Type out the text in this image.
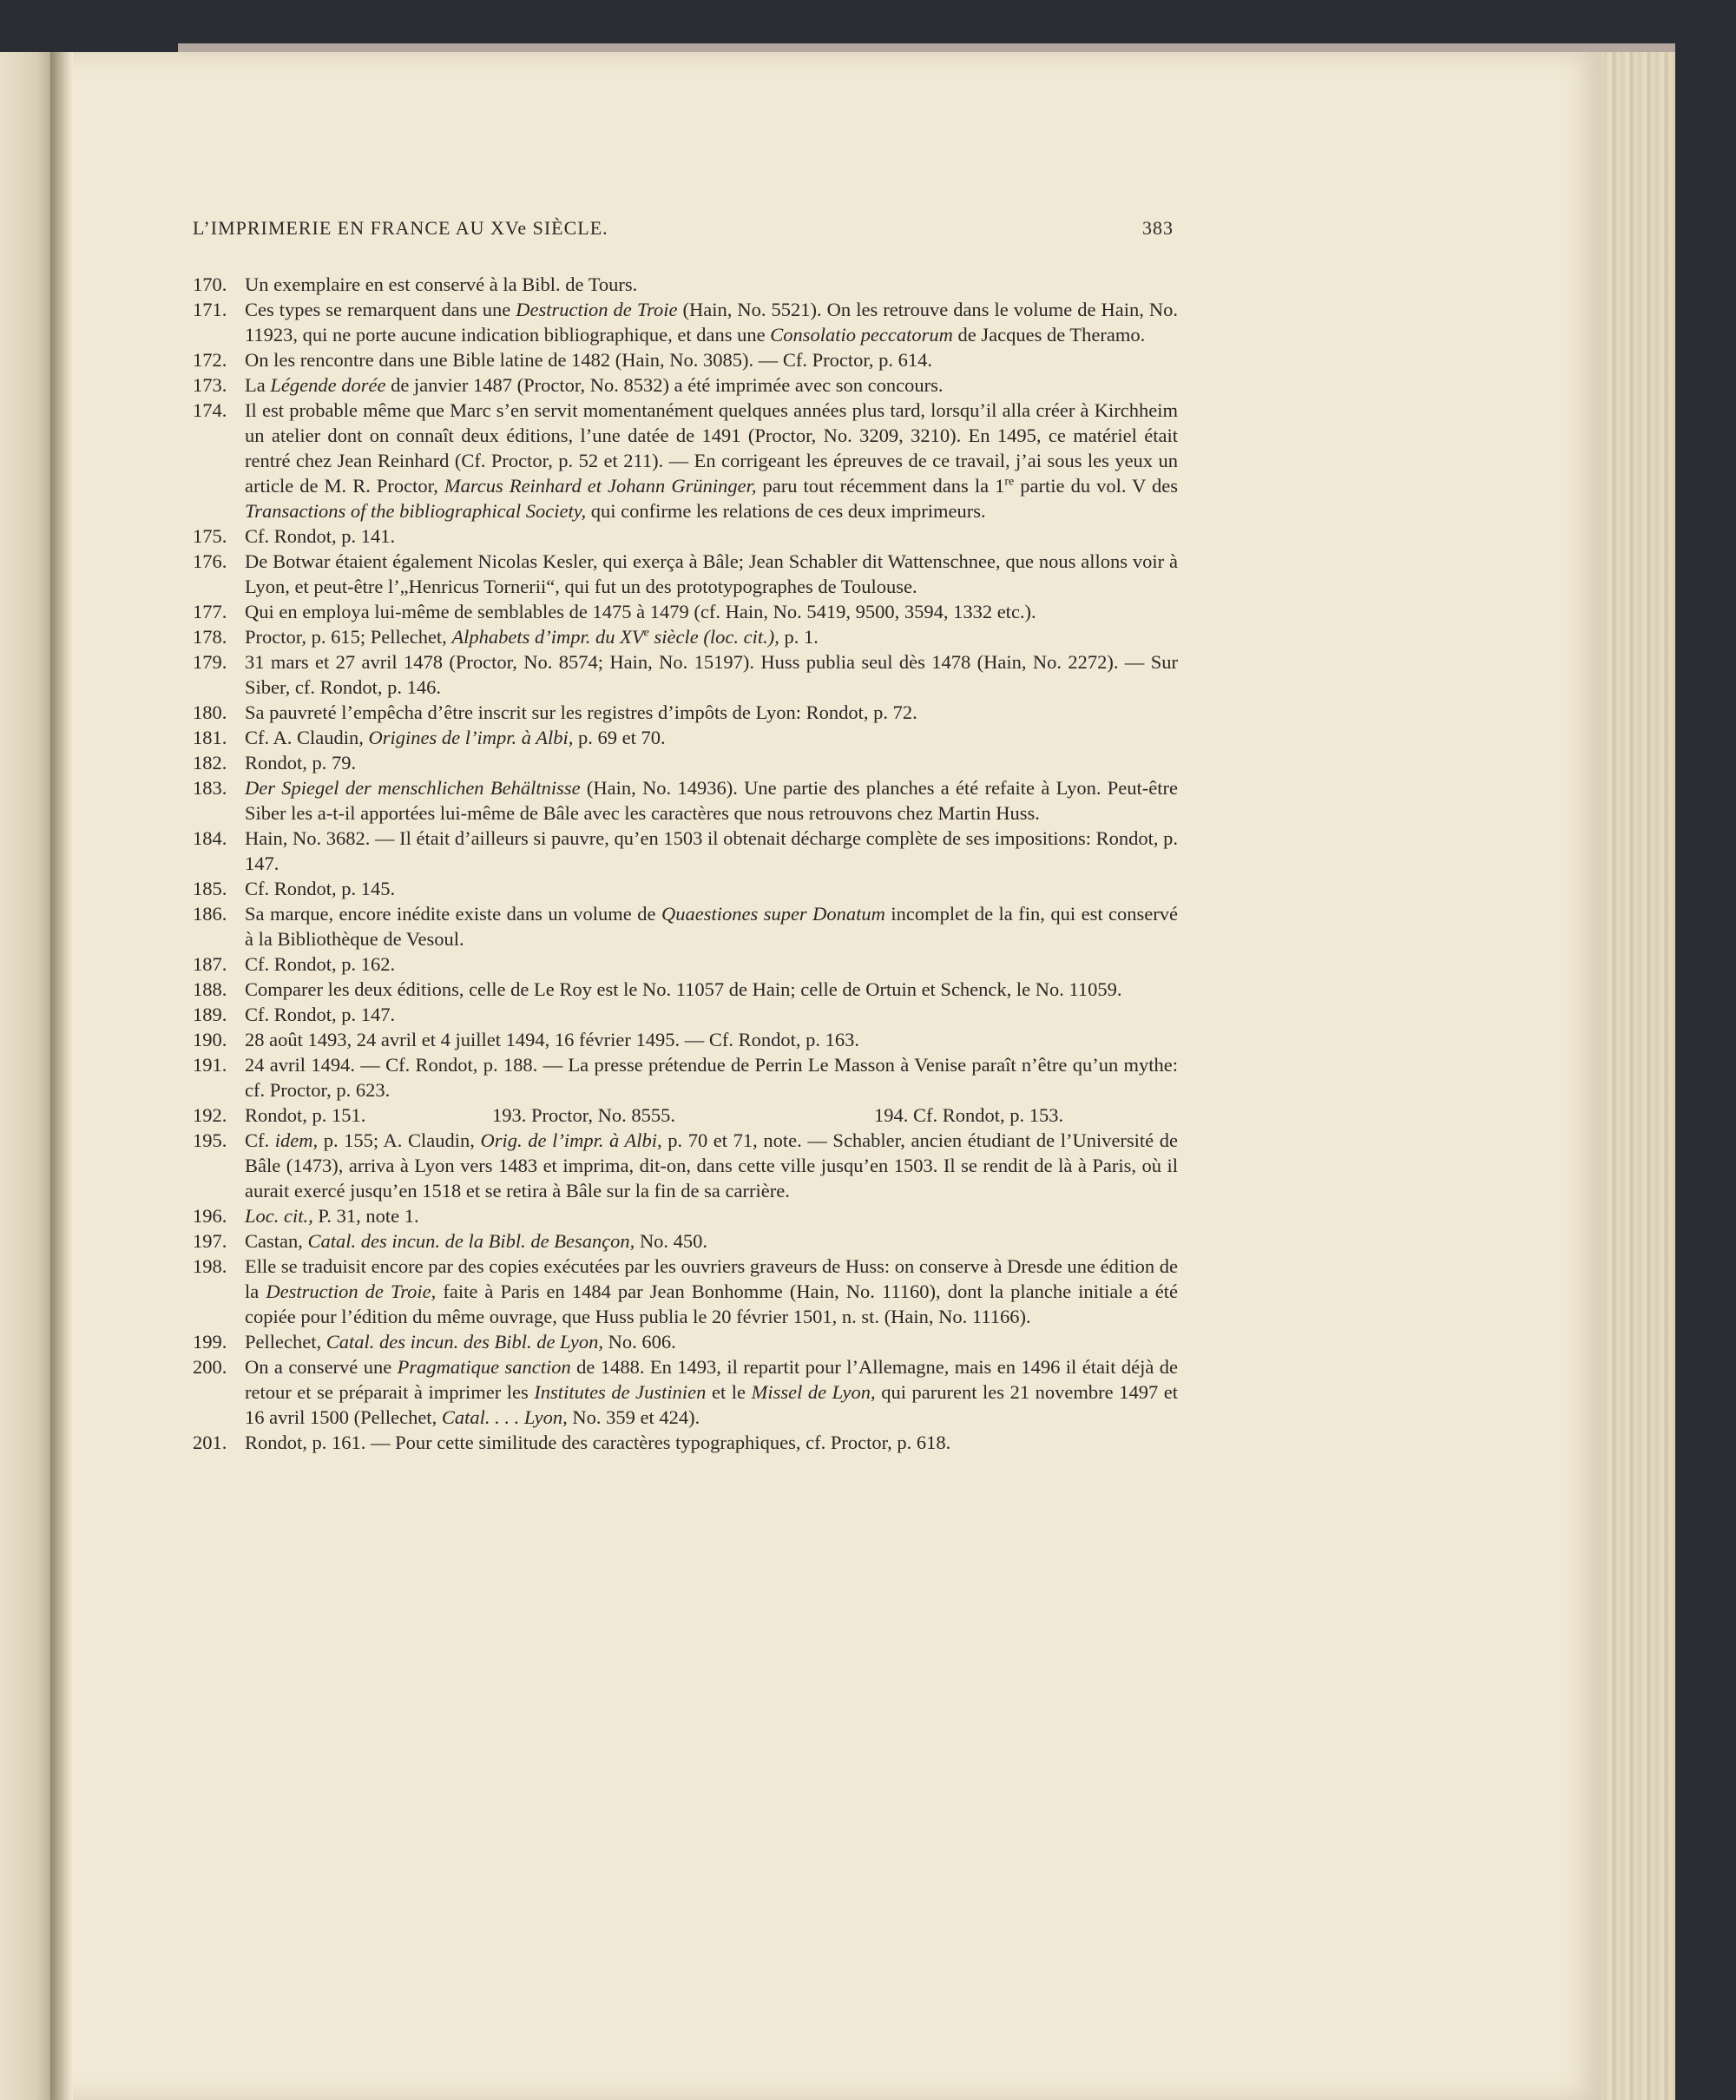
L’IMPRIMERIE EN FRANCE AU XVe SIÈCLE.	383

170. Un exemplaire en est conservé à la Bibl. de Tours.

171. Ces types se remarquent dans une Destruction de Troie (Hain, No. 5521). On les retrouve dans le volume de Hain, No. 11923, qui ne porte aucune indication bibliographique, et dans une Consolatio peccatorum de Jacques de Theramo.

172. On les rencontre dans une Bible latine de 1482 (Hain, No. 3085). — Cf. Proctor, p. 614.

173. La Légende dorée de janvier 1487 (Proctor, No. 8532) a été imprimée avec son concours.

174. Il est probable même que Marc s’en servit momentanément quelques années plus tard, lorsqu’il alla créer à Kirchheim un atelier dont on connaît deux éditions, l’une datée de 1491 (Proctor, No. 3209, 3210). En 1495, ce matériel était rentré chez Jean Reinhard (Cf. Proctor, p. 52 et 211). — En corrigeant les épreuves de ce travail, j’ai sous les yeux un article de M. R. Proctor, Marcus Reinhard et Johann Grüninger, paru tout récemment dans la 1re partie du vol. V des Transactions of the bibliographical Society, qui confirme les relations de ces deux imprimeurs.

175. Cf. Rondot, p. 141.

176. De Botwar étaient également Nicolas Kesler, qui exerça à Bâle; Jean Schabler dit Wattenschnee, que nous allons voir à Lyon, et peut-être l’„Henricus Tornerii“, qui fut un des prototypographes de Toulouse.

177. Qui en employa lui-même de semblables de 1475 à 1479 (cf. Hain, No. 5419, 9500, 3594, 1332 etc.).

178. Proctor, p. 615; Pellechet, Alphabets d’impr. du XVe siècle (loc. cit.), p. 1.

179. 31 mars et 27 avril 1478 (Proctor, No. 8574; Hain, No. 15197). Huss publia seul dès 1478 (Hain, No. 2272). — Sur Siber, cf. Rondot, p. 146.

180. Sa pauvreté l’empêcha d’être inscrit sur les registres d’impôts de Lyon: Rondot, p. 72.

181. Cf. A. Claudin, Origines de l’impr. à Albi, p. 69 et 70.

182. Rondot, p. 79.

183. Der Spiegel der menschlichen Behältnisse (Hain, No. 14936). Une partie des planches a été refaite à Lyon. Peut-être Siber les a-t-il apportées lui-même de Bâle avec les caractères que nous retrouvons chez Martin Huss.

184. Hain, No. 3682. — Il était d’ailleurs si pauvre, qu’en 1503 il obtenait décharge complète de ses impositions: Rondot, p. 147.

185. Cf. Rondot, p. 145.

186. Sa marque, encore inédite existe dans un volume de Quaestiones super Donatum incomplet de la fin, qui est conservé à la Bibliothèque de Vesoul.

187. Cf. Rondot, p. 162.

188. Comparer les deux éditions, celle de Le Roy est le No. 11057 de Hain; celle de Ortuin et Schenck, le No. 11059.

189. Cf. Rondot, p. 147.

190. 28 août 1493, 24 avril et 4 juillet 1494, 16 février 1495. — Cf. Rondot, p. 163.

191. 24 avril 1494. — Cf. Rondot, p. 188. — La presse prétendue de Perrin Le Masson à Venise paraît n’être qu’un mythe: cf. Proctor, p. 623.

192. Rondot, p. 151.	193. Proctor, No. 8555.	194. Cf. Rondot, p. 153.

195. Cf. idem, p. 155; A. Claudin, Orig. de l’impr. à Albi, p. 70 et 71, note. — Schabler, ancien étudiant de l’Université de Bâle (1473), arriva à Lyon vers 1483 et imprima, dit-on, dans cette ville jusqu’en 1503. Il se rendit de là à Paris, où il aurait exercé jusqu’en 1518 et se retira à Bâle sur la fin de sa carrière.

196. Loc. cit., P. 31, note 1.

197. Castan, Catal. des incun. de la Bibl. de Besançon, No. 450.

198. Elle se traduisit encore par des copies exécutées par les ouvriers graveurs de Huss: on conserve à Dresde une édition de la Destruction de Troie, faite à Paris en 1484 par Jean Bonhomme (Hain, No. 11160), dont la planche initiale a été copiée pour l’édition du même ouvrage, que Huss publia le 20 février 1501, n. st. (Hain, No. 11166).

199. Pellechet, Catal. des incun. des Bibl. de Lyon, No. 606.

200. On a conservé une Pragmatique sanction de 1488. En 1493, il repartit pour l’Allemagne, mais en 1496 il était déjà de retour et se préparait à imprimer les Institutes de Justinien et le Missel de Lyon, qui parurent les 21 novembre 1497 et 16 avril 1500 (Pellechet, Catal. . . . Lyon, No. 359 et 424).

201. Rondot, p. 161. — Pour cette similitude des caractères typographiques, cf. Proctor, p. 618.
